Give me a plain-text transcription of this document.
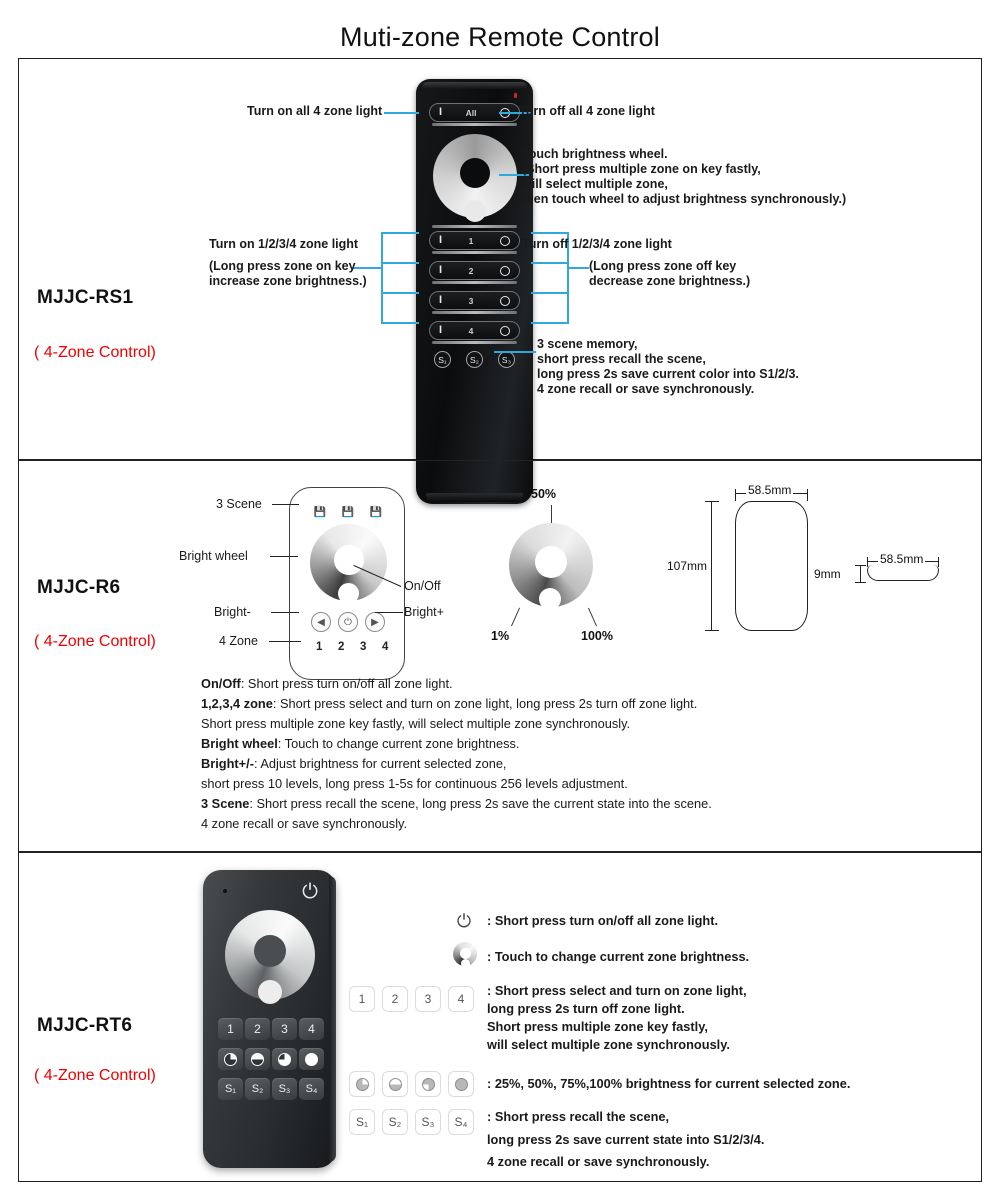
Muti-zone Remote Control
MJJC-RS1
( 4-Zone Control)
I	All
I	1
I	2
I	3
I	4
S₁	S₂	S₃
Turn on all 4 zone light	Turn off all 4 zone light
Touch brightness wheel.
(Short press multiple zone on key fastly,
will select multiple zone,
then touch wheel to adjust brightness synchronously.)
Turn on 1/2/3/4 zone light
(Long press zone on key
increase zone brightness.)
Turn off 1/2/3/4 zone light
(Long press zone off key
decrease zone brightness.)
3 scene memory,
short press recall the scene,
long press 2s save current color into S1/2/3.
4 zone recall or save synchronously.
MJJC-R6
( 4-Zone Control)
💾 💾 💾
◀	⏻	▶
1 2 3 4
3 Scene
Bright wheel
On/Off
Bright-	Bright+
4 Zone
50%
1%	100%
58.5mm
107mm	58.5mm
9mm
On/Off: Short press turn on/off all zone light.
1,2,3,4 zone: Short press select and turn on zone light, long press 2s turn off zone light.
Short press multiple zone key fastly, will select multiple zone synchronously.
Bright wheel: Touch to change current zone brightness.
Bright+/-: Adjust brightness for current selected zone,
short press 10 levels, long press 1-5s for continuous 256 levels adjustment.
3 Scene: Short press recall the scene, long press 2s save the current state into the scene.
4 zone recall or save synchronously.
MJJC-RT6
( 4-Zone Control)
⏻
1	2	3	4
S₁	S₂	S₃	S₄
⏻	: Short press turn on/off all zone light.
: Touch to change current zone brightness.
1	2	3	4
: Short press select and turn on zone light,
long press 2s turn off zone light.
Short press multiple zone key fastly,
will select multiple zone synchronously.
: 25%, 50%, 75%,100% brightness for current selected zone.
S₁	S₂	S₃	S₄	: Short press recall the scene,
long press 2s save current state into S1/2/3/4.
4 zone recall or save synchronously.
